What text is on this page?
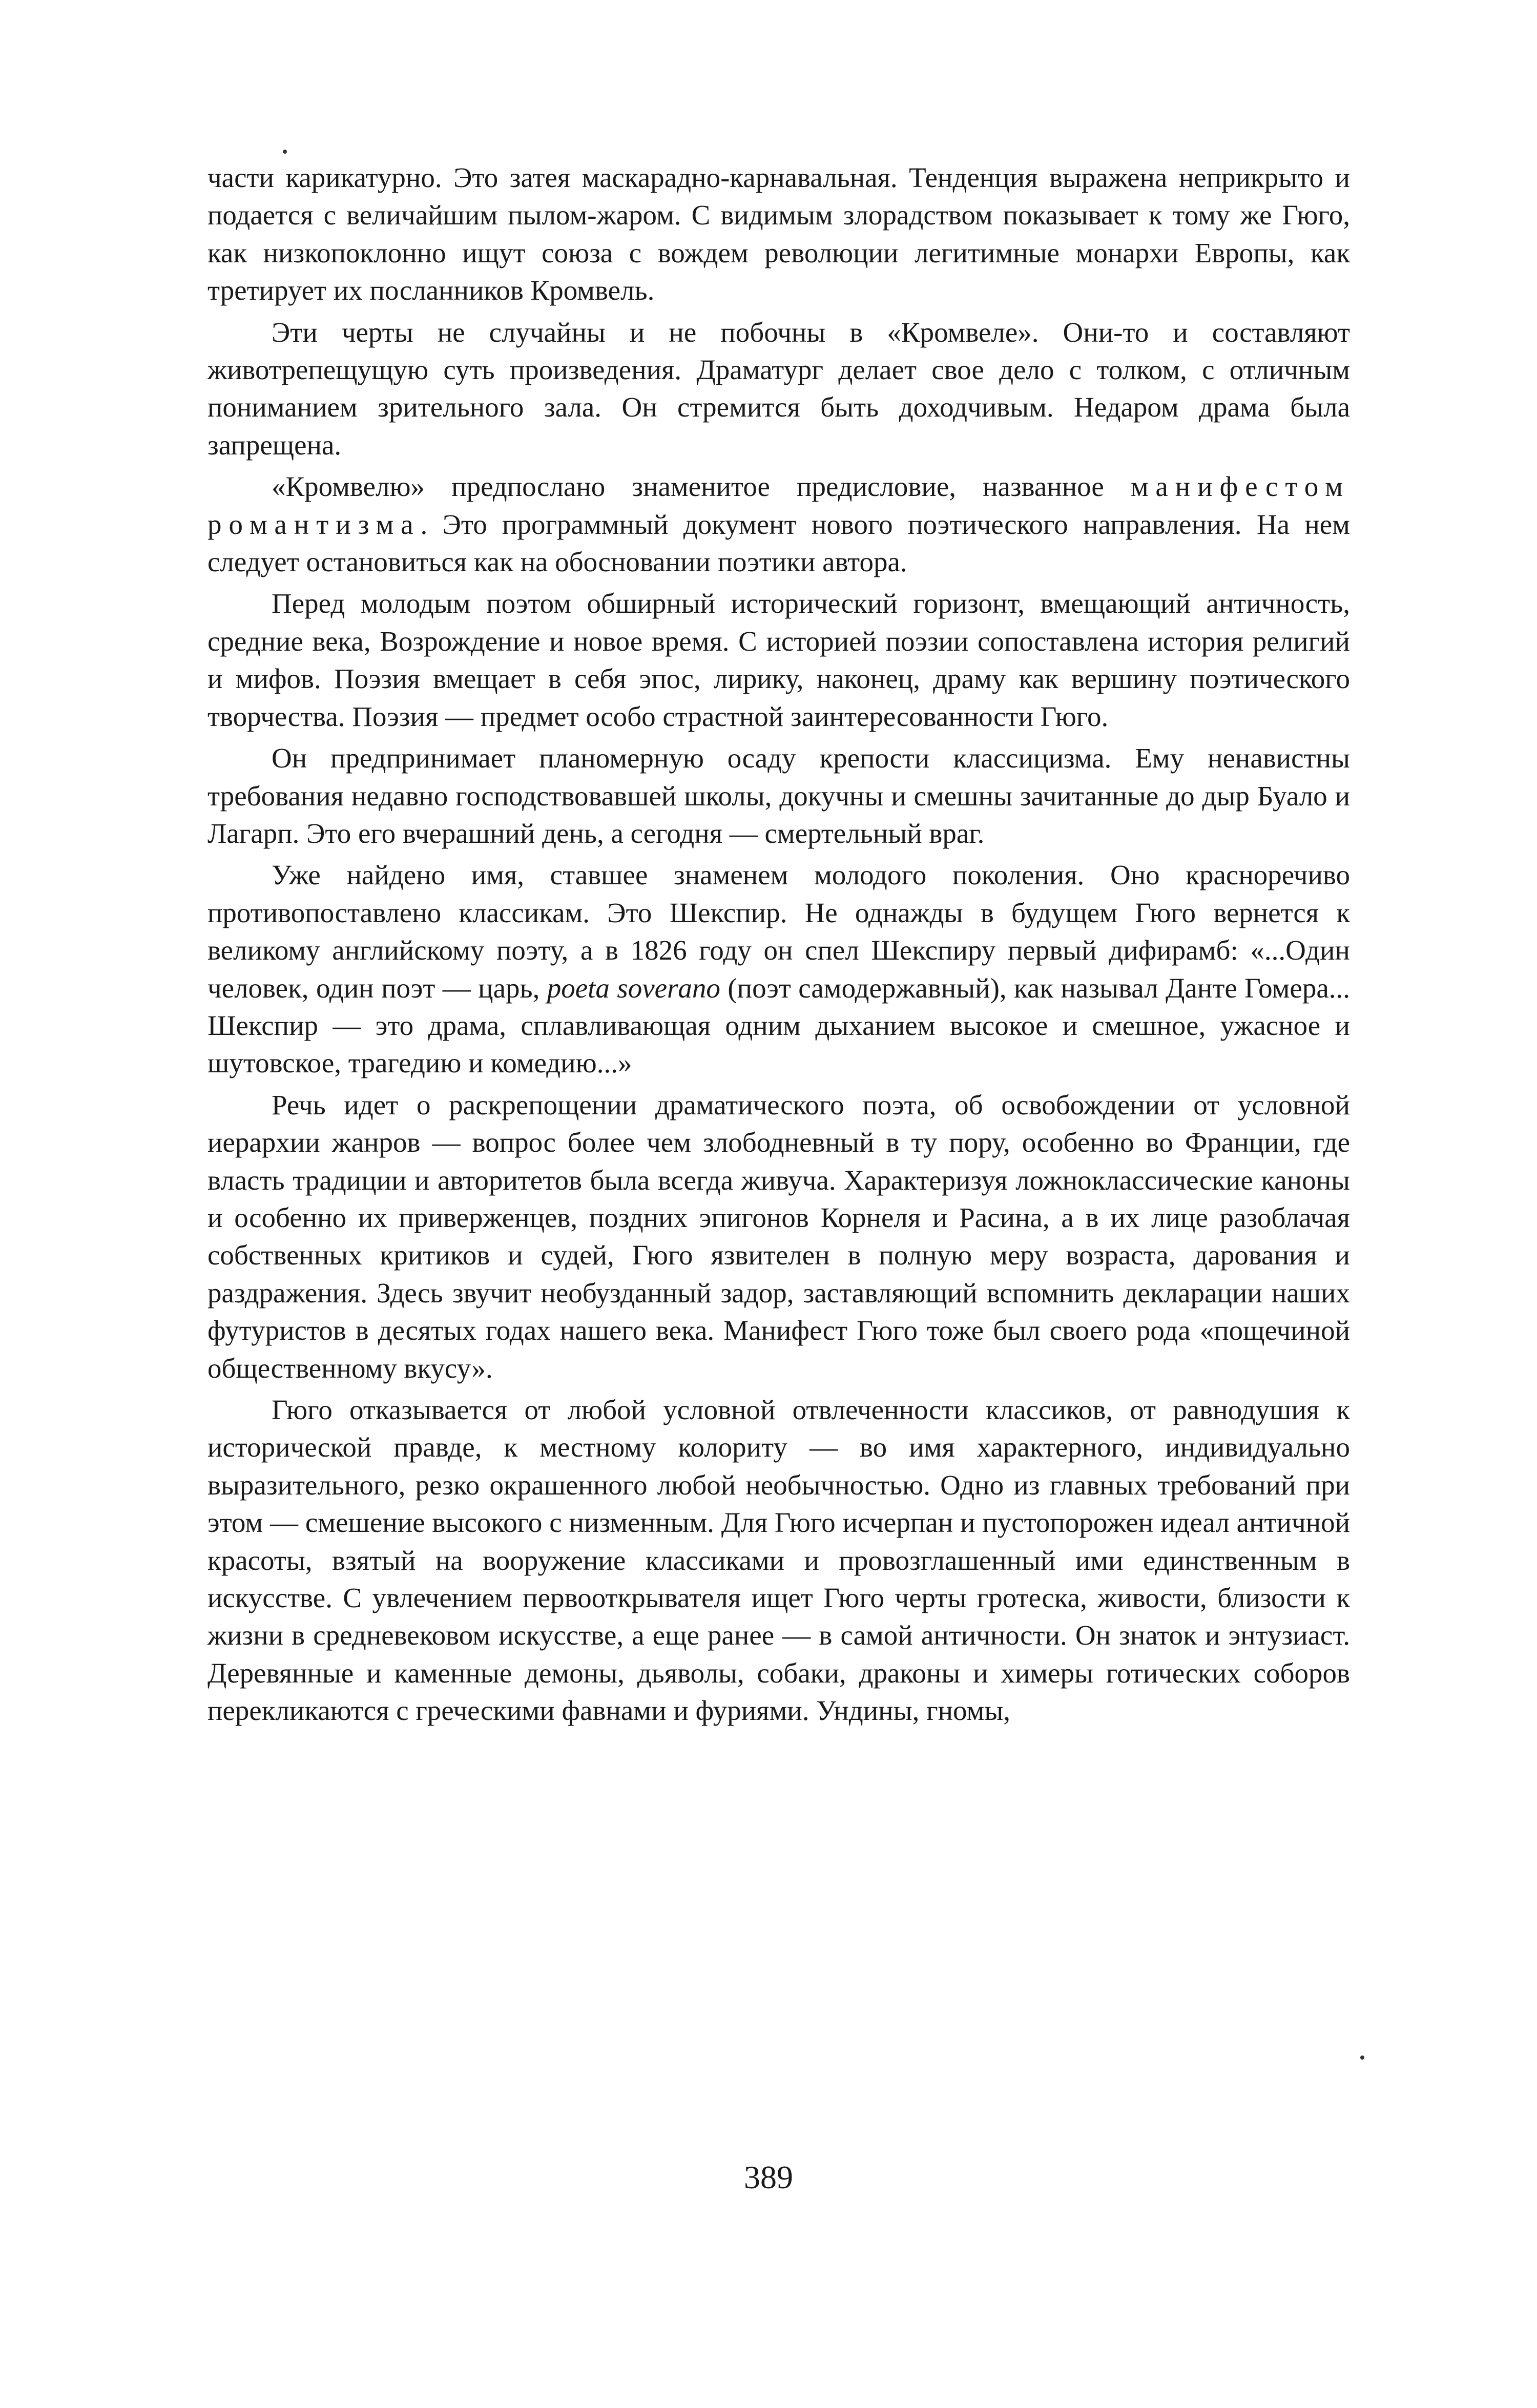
части карикатурно. Это затея маскарадно-карнавальная. Тенденция выражена неприкрыто и подается с величайшим пылом-жаром. С видимым злорадством показывает к тому же Гюго, как низкопоклонно ищут союза с вождем революции легитимные монархи Европы, как третирует их посланников Кромвель.

Эти черты не случайны и не побочны в «Кромвеле». Они-то и составляют животрепещущую суть произведения. Драматург делает свое дело с толком, с отличным пониманием зрительного зала. Он стремится быть доходчивым. Недаром драма была запрещена.

«Кромвелю» предпослано знаменитое предисловие, названное манифестом романтизма. Это программный документ нового поэтического направления. На нем следует остановиться как на обосновании поэтики автора.

Перед молодым поэтом обширный исторический горизонт, вмещающий античность, средние века, Возрождение и новое время. С историей поэзии сопоставлена история религий и мифов. Поэзия вмещает в себя эпос, лирику, наконец, драму как вершину поэтического творчества. Поэзия — предмет особо страстной заинтересованности Гюго.

Он предпринимает планомерную осаду крепости классицизма. Ему ненавистны требования недавно господствовавшей школы, докучны и смешны зачитанные до дыр Буало и Лагарп. Это его вчерашний день, а сегодня — смертельный враг.

Уже найдено имя, ставшее знаменем молодого поколения. Оно красноречиво противопоставлено классикам. Это Шекспир. Не однажды в будущем Гюго вернется к великому английскому поэту, а в 1826 году он спел Шекспиру первый дифирамб: «...Один человек, один поэт — царь, poeta soverano (поэт самодержавный), как называл Данте Гомера... Шекспир — это драма, сплавливающая одним дыханием высокое и смешное, ужасное и шутовское, трагедию и комедию...»

Речь идет о раскрепощении драматического поэта, об освобождении от условной иерархии жанров — вопрос более чем злободневный в ту пору, особенно во Франции, где власть традиции и авторитетов была всегда живуча. Характеризуя ложноклассические каноны и особенно их приверженцев, поздних эпигонов Корнеля и Расина, а в их лице разоблачая собственных критиков и судей, Гюго язвителен в полную меру возраста, дарования и раздражения. Здесь звучит необузданный задор, заставляющий вспомнить декларации наших футуристов в десятых годах нашего века. Манифест Гюго тоже был своего рода «пощечиной общественному вкусу».

Гюго отказывается от любой условной отвлеченности классиков, от равнодушия к исторической правде, к местному колориту — во имя характерного, индивидуально выразительного, резко окрашенного любой необычностью. Одно из главных требований при этом — смешение высокого с низменным. Для Гюго исчерпан и пустопорожен идеал античной красоты, взятый на вооружение классиками и провозглашенный ими единственным в искусстве. С увлечением первооткрывателя ищет Гюго черты гротеска, живости, близости к жизни в средневековом искусстве, а еще ранее — в самой античности. Он знаток и энтузиаст. Деревянные и каменные демоны, дьяволы, собаки, драконы и химеры готических соборов перекликаются с греческими фавнами и фуриями. Ундины, гномы,

389
